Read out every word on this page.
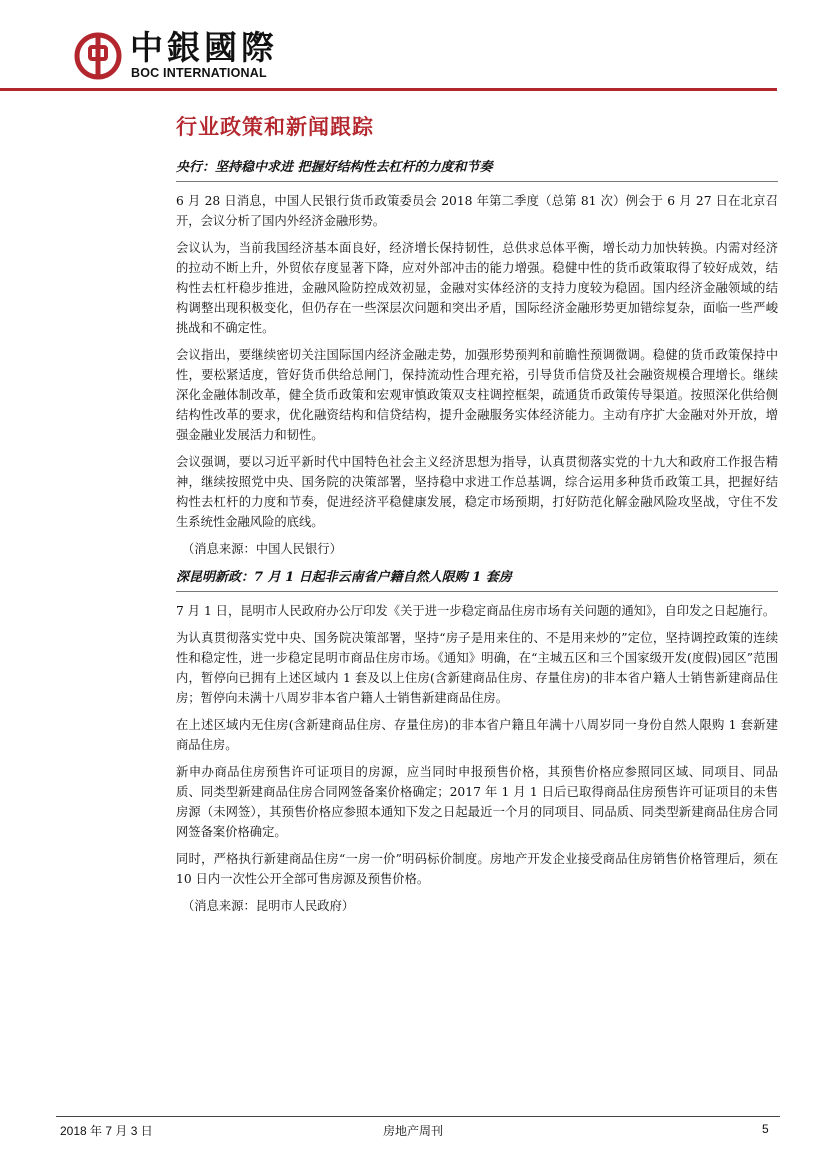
中銀國際
BOC INTERNATIONAL
行业政策和新闻跟踪
央行：坚持稳中求进 把握好结构性去杠杆的力度和节奏

6 月 28 日消息，中国人民银行货币政策委员会 2018 年第二季度（总第 81 次）例会于 6 月 27 日在北京召开，会议分析了国内外经济金融形势。

会议认为，当前我国经济基本面良好，经济增长保持韧性，总供求总体平衡，增长动力加快转换。内需对经济的拉动不断上升，外贸依存度显著下降，应对外部冲击的能力增强。稳健中性的货币政策取得了较好成效，结构性去杠杆稳步推进，金融风险防控成效初显，金融对实体经济的支持力度较为稳固。国内经济金融领域的结构调整出现积极变化，但仍存在一些深层次问题和突出矛盾，国际经济金融形势更加错综复杂，面临一些严峻挑战和不确定性。

会议指出，要继续密切关注国际国内经济金融走势，加强形势预判和前瞻性预调微调。稳健的货币政策保持中性，要松紧适度，管好货币供给总闸门，保持流动性合理充裕，引导货币信贷及社会融资规模合理增长。继续深化金融体制改革，健全货币政策和宏观审慎政策双支柱调控框架，疏通货币政策传导渠道。按照深化供给侧结构性改革的要求，优化融资结构和信贷结构，提升金融服务实体经济能力。主动有序扩大金融对外开放，增强金融业发展活力和韧性。

会议强调，要以习近平新时代中国特色社会主义经济思想为指导，认真贯彻落实党的十九大和政府工作报告精神，继续按照党中央、国务院的决策部署，坚持稳中求进工作总基调，综合运用多种货币政策工具，把握好结构性去杠杆的力度和节奏，促进经济平稳健康发展，稳定市场预期，打好防范化解金融风险攻坚战，守住不发生系统性金融风险的底线。

（消息来源：中国人民银行）

深昆明新政：7 月 1 日起非云南省户籍自然人限购 1 套房

7 月 1 日，昆明市人民政府办公厅印发《关于进一步稳定商品住房市场有关问题的通知》，自印发之日起施行。

为认真贯彻落实党中央、国务院决策部署，坚持“房子是用来住的、不是用来炒的”定位，坚持调控政策的连续性和稳定性，进一步稳定昆明市商品住房市场。《通知》明确，在“主城五区和三个国家级开发(度假)园区”范围内，暂停向已拥有上述区域内 1 套及以上住房(含新建商品住房、存量住房)的非本省户籍人士销售新建商品住房；暂停向未满十八周岁非本省户籍人士销售新建商品住房。

在上述区域内无住房(含新建商品住房、存量住房)的非本省户籍且年满十八周岁同一身份自然人限购 1 套新建商品住房。

新申办商品住房预售许可证项目的房源，应当同时申报预售价格，其预售价格应参照同区域、同项目、同品质、同类型新建商品住房合同网签备案价格确定；2017 年 1 月 1 日后已取得商品住房预售许可证项目的未售房源（未网签），其预售价格应参照本通知下发之日起最近一个月的同项目、同品质、同类型新建商品住房合同网签备案价格确定。

同时，严格执行新建商品住房“一房一价”明码标价制度。房地产开发企业接受商品住房销售价格管理后，须在 10 日内一次性公开全部可售房源及预售价格。

（消息来源：昆明市人民政府）

2018 年 7 月 3 日	房地产周刊	5
